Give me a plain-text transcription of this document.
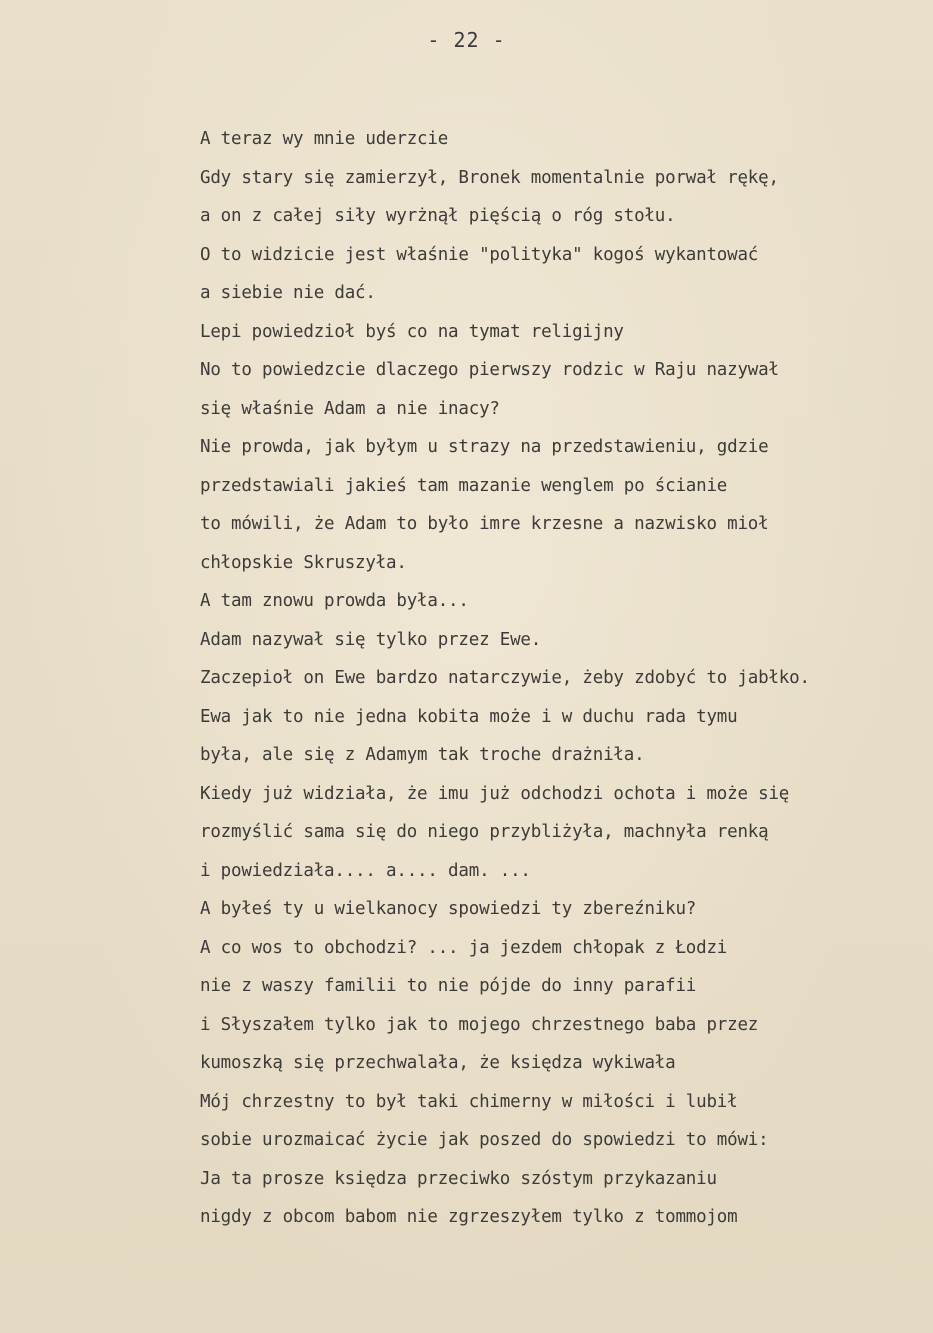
- 22 -
A teraz wy mnie uderzcie
Gdy stary się zamierzył, Bronek momentalnie porwał rękę,
a on z całej siły wyrżnął pięścią o róg stołu.
O to widzicie jest właśnie "polityka" kogoś wykantować
a siebie nie dać.
Lepi powiedzioł byś co na tymat religijny
No to powiedzcie dlaczego pierwszy rodzic w Raju nazywał
się właśnie Adam a nie inacy?
Nie prowda, jak byłym u strazy na przedstawieniu, gdzie
przedstawiali jakieś tam mazanie wenglem po ścianie
to mówili, że Adam to było imre krzesne a nazwisko mioł
chłopskie Skruszyła.
A tam znowu prowda była...
Adam nazywał się tylko przez Ewe.
Zaczepioł on Ewe bardzo natarczywie, żeby zdobyć to jabłko.
Ewa jak to nie jedna kobita może i w duchu rada tymu
była, ale się z Adamym tak troche drażniła.
Kiedy już widziała, że imu już odchodzi ochota i może się
rozmyślić sama się do niego przybliżyła, machnyła renką
i powiedziała.... a.... dam. ...
A byłeś ty u wielkanocy spowiedzi ty zbereźniku?
A co wos to obchodzi? ... ja jezdem chłopak z Łodzi
nie z waszy familii to nie pójde do inny parafii
i Słyszałem tylko jak to mojego chrzestnego baba przez
kumoszką się przechwalała, że księdza wykiwała
Mój chrzestny to był taki chimerny w miłości i lubił
sobie urozmaicać życie jak poszed do spowiedzi to mówi:
Ja ta prosze księdza przeciwko szóstym przykazaniu
nigdy z obcom babom nie zgrzeszyłem tylko z tommojom
